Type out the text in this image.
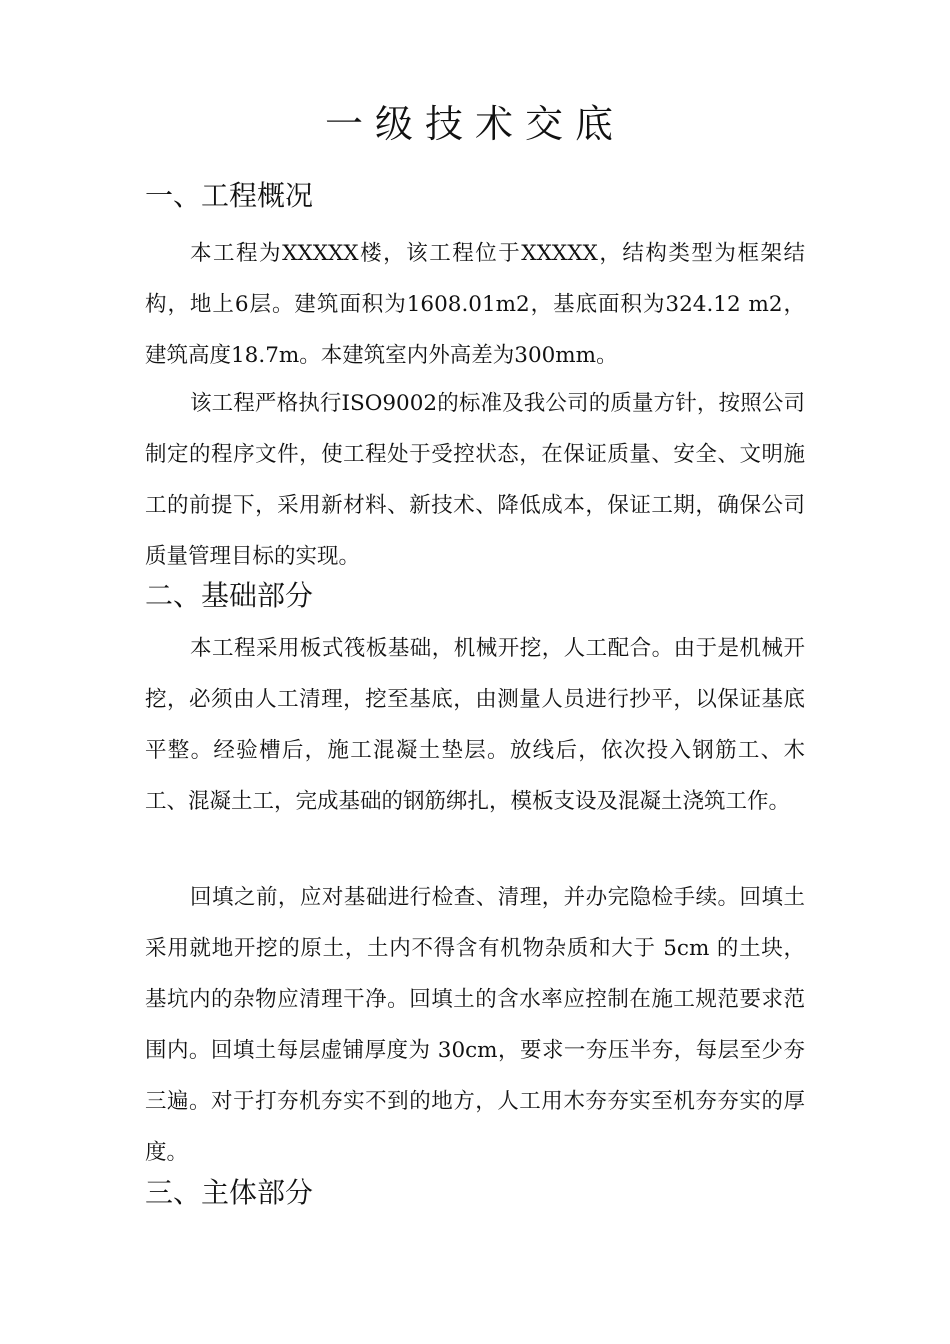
一级技术交底
一、工程概况

本工程为XXXXX楼，该工程位于XXXXX，结构类型为框架结构，地上6层。建筑面积为1608.01m2，基底面积为324.12 m2，建筑高度18.7m。本建筑室内外高差为300mm。

该工程严格执行ISO9002的标准及我公司的质量方针，按照公司制定的程序文件，使工程处于受控状态，在保证质量、安全、文明施工的前提下，采用新材料、新技术、降低成本，保证工期，确保公司质量管理目标的实现。

二、基础部分

本工程采用板式筏板基础，机械开挖，人工配合。由于是机械开挖，必须由人工清理，挖至基底，由测量人员进行抄平，以保证基底平整。经验槽后，施工混凝土垫层。放线后，依次投入钢筋工、木工、混凝土工，完成基础的钢筋绑扎，模板支设及混凝土浇筑工作。

回填之前，应对基础进行检查、清理，并办完隐检手续。回填土采用就地开挖的原土，土内不得含有机物杂质和大于 5cm 的土块，基坑内的杂物应清理干净。回填土的含水率应控制在施工规范要求范围内。回填土每层虚铺厚度为 30cm，要求一夯压半夯，每层至少夯三遍。对于打夯机夯实不到的地方，人工用木夯夯实至机夯夯实的厚度。

三、主体部分
